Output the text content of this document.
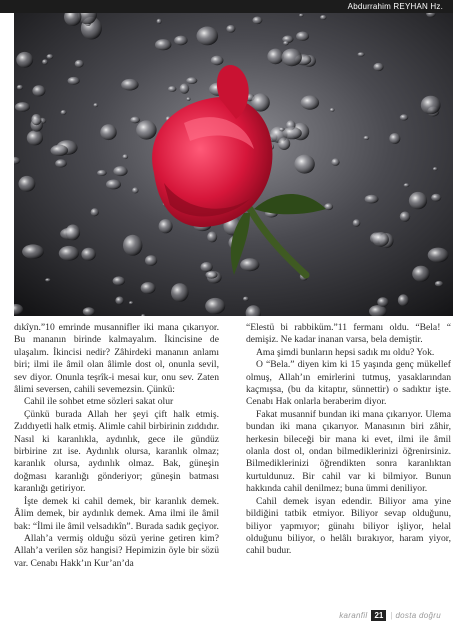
Abdurrahim REYHAN Hz.

dıkîyn.”10 emrinde musannifler iki mana çıkarıyor. Bu mananın birinde kalmayalım. İkincisine de ulaşalım. İkincisi nedir? Zâhirdeki mananın anlamı biri; ilmi ile âmil olan âlimle dost ol, onunla sevil, sev diyor. Onunla teşrîk-i mesai kur, onu sev. Zaten âlimi seversen, cahili sevemezsin. Çünkü:

Cahil ile sohbet etme sözleri sakat olur

Çünkü burada Allah her şeyi çift halk etmiş. Zıddıyetli halk etmiş. Alimle cahil birbirinin zıddıdır. Nasıl ki karanlıkla, aydınlık, gece ile gündüz birbirine zıt ise. Aydınlık olursa, karanlık olmaz; karanlık olursa, aydınlık olmaz. Bak, güneşin doğması karanlığı gönderiyor; güneşin batması karanlığı getiriyor.

İşte demek ki cahil demek, bir karanlık demek. Âlim demek, bir aydınlık demek. Ama ilmi ile âmil bak: “İlmi ile âmil velsadıkîn”. Burada sadık geçiyor.

Allah’a vermiş olduğu sözü yerine getiren kim? Allah’a verilen söz hangisi? Hepimizin öyle bir sözü var. Cenabı Hakk’ın Kur’an’da

“Elestü bi rabbiküm.”11 fermanı oldu. “Bela! “ demişiz. Ne kadar inanan varsa, bela demiştir.

Ama şimdi bunların hepsi sadık mı oldu? Yok.

O “Bela.” diyen kim ki 15 yaşında genç mükellef olmuş, Allah’ın emirlerini tutmuş, yasaklarından kaçmışsa, (bu da kitaptır, sünnettir) o sadıktır işte. Cenabı Hak onlarla beraberim diyor.

Fakat musannif bundan iki mana çıkarıyor. Ulema bundan iki mana çıkarıyor. Manasının biri zâhir, herkesin bileceği bir mana ki evet, ilmi ile âmil olanla dost ol, ondan bilmediklerinizi öğrenirsiniz. Bilmediklerinizi öğrendikten sonra karanlıktan kurtuldunuz. Bir cahil var ki bilmiyor. Bunun hakkında cahil denilmez; buna ümmi deniliyor.

Cahil demek isyan edendir. Biliyor ama yine bildiğini tatbik etmiyor. Biliyor sevap olduğunu, biliyor yapmıyor; günahı biliyor işliyor, helal olduğunu biliyor, o helâlı bırakıyor, haram yiyor, cahil budur.

karanfil 21 | dosta doğru
